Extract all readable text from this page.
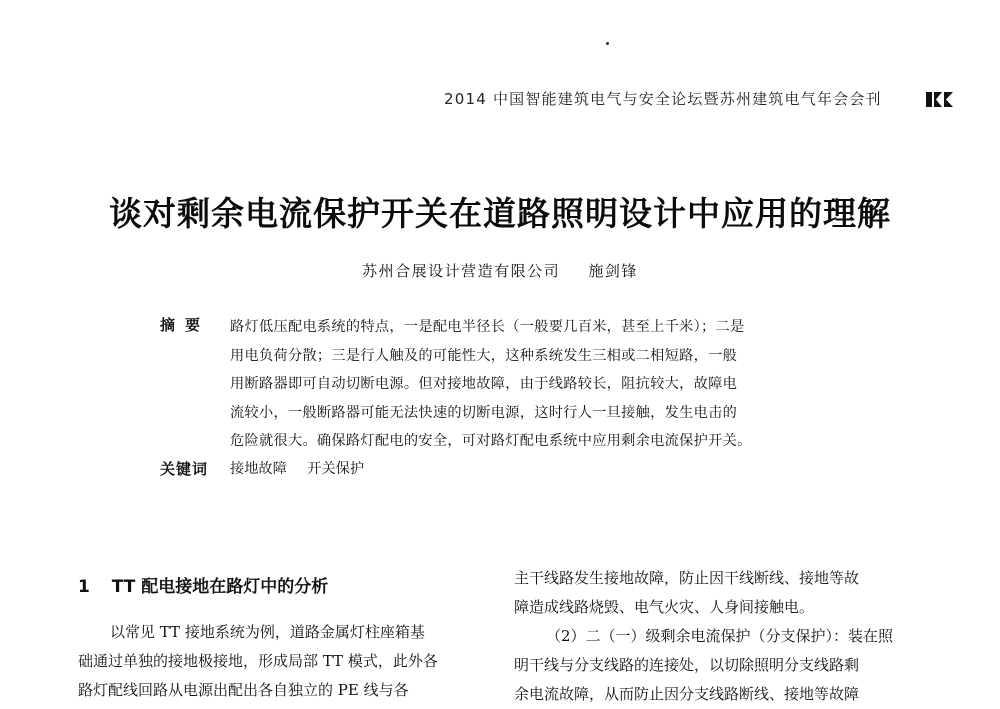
2014 中国智能建筑电气与安全论坛暨苏州建筑电气年会会刊
谈对剩余电流保护开关在道路照明设计中应用的理解
苏州合展设计营造有限公司 施剑锋
摘要 路灯低压配电系统的特点，一是配电半径长（一般要几百米，甚至上千米）；二是
用电负荷分散；三是行人触及的可能性大，这种系统发生三相或二相短路，一般
用断路器即可自动切断电源。但对接地故障，由于线路较长，阻抗较大，故障电
流较小，一般断路器可能无法快速的切断电源，这时行人一旦接触，发生电击的
危险就很大。确保路灯配电的安全，可对路灯配电系统中应用剩余电流保护开关。
关键词 接地故障 开关保护
1 TT 配电接地在路灯中的分析
以常见 TT 接地系统为例，道路金属灯柱座箱基
础通过单独的接地极接地，形成局部 TT 模式，此外各
路灯配线回路从电源出配出各自独立的 PE 线与各
主干线路发生接地故障，防止因干线断线、接地等故
障造成线路烧毁、电气火灾、人身间接触电。
（2）二（一）级剩余电流保护（分支保护）：装在照
明干线与分支线路的连接处，以切除照明分支线路剩
余电流故障，从而防止因分支线路断线、接地等故障
